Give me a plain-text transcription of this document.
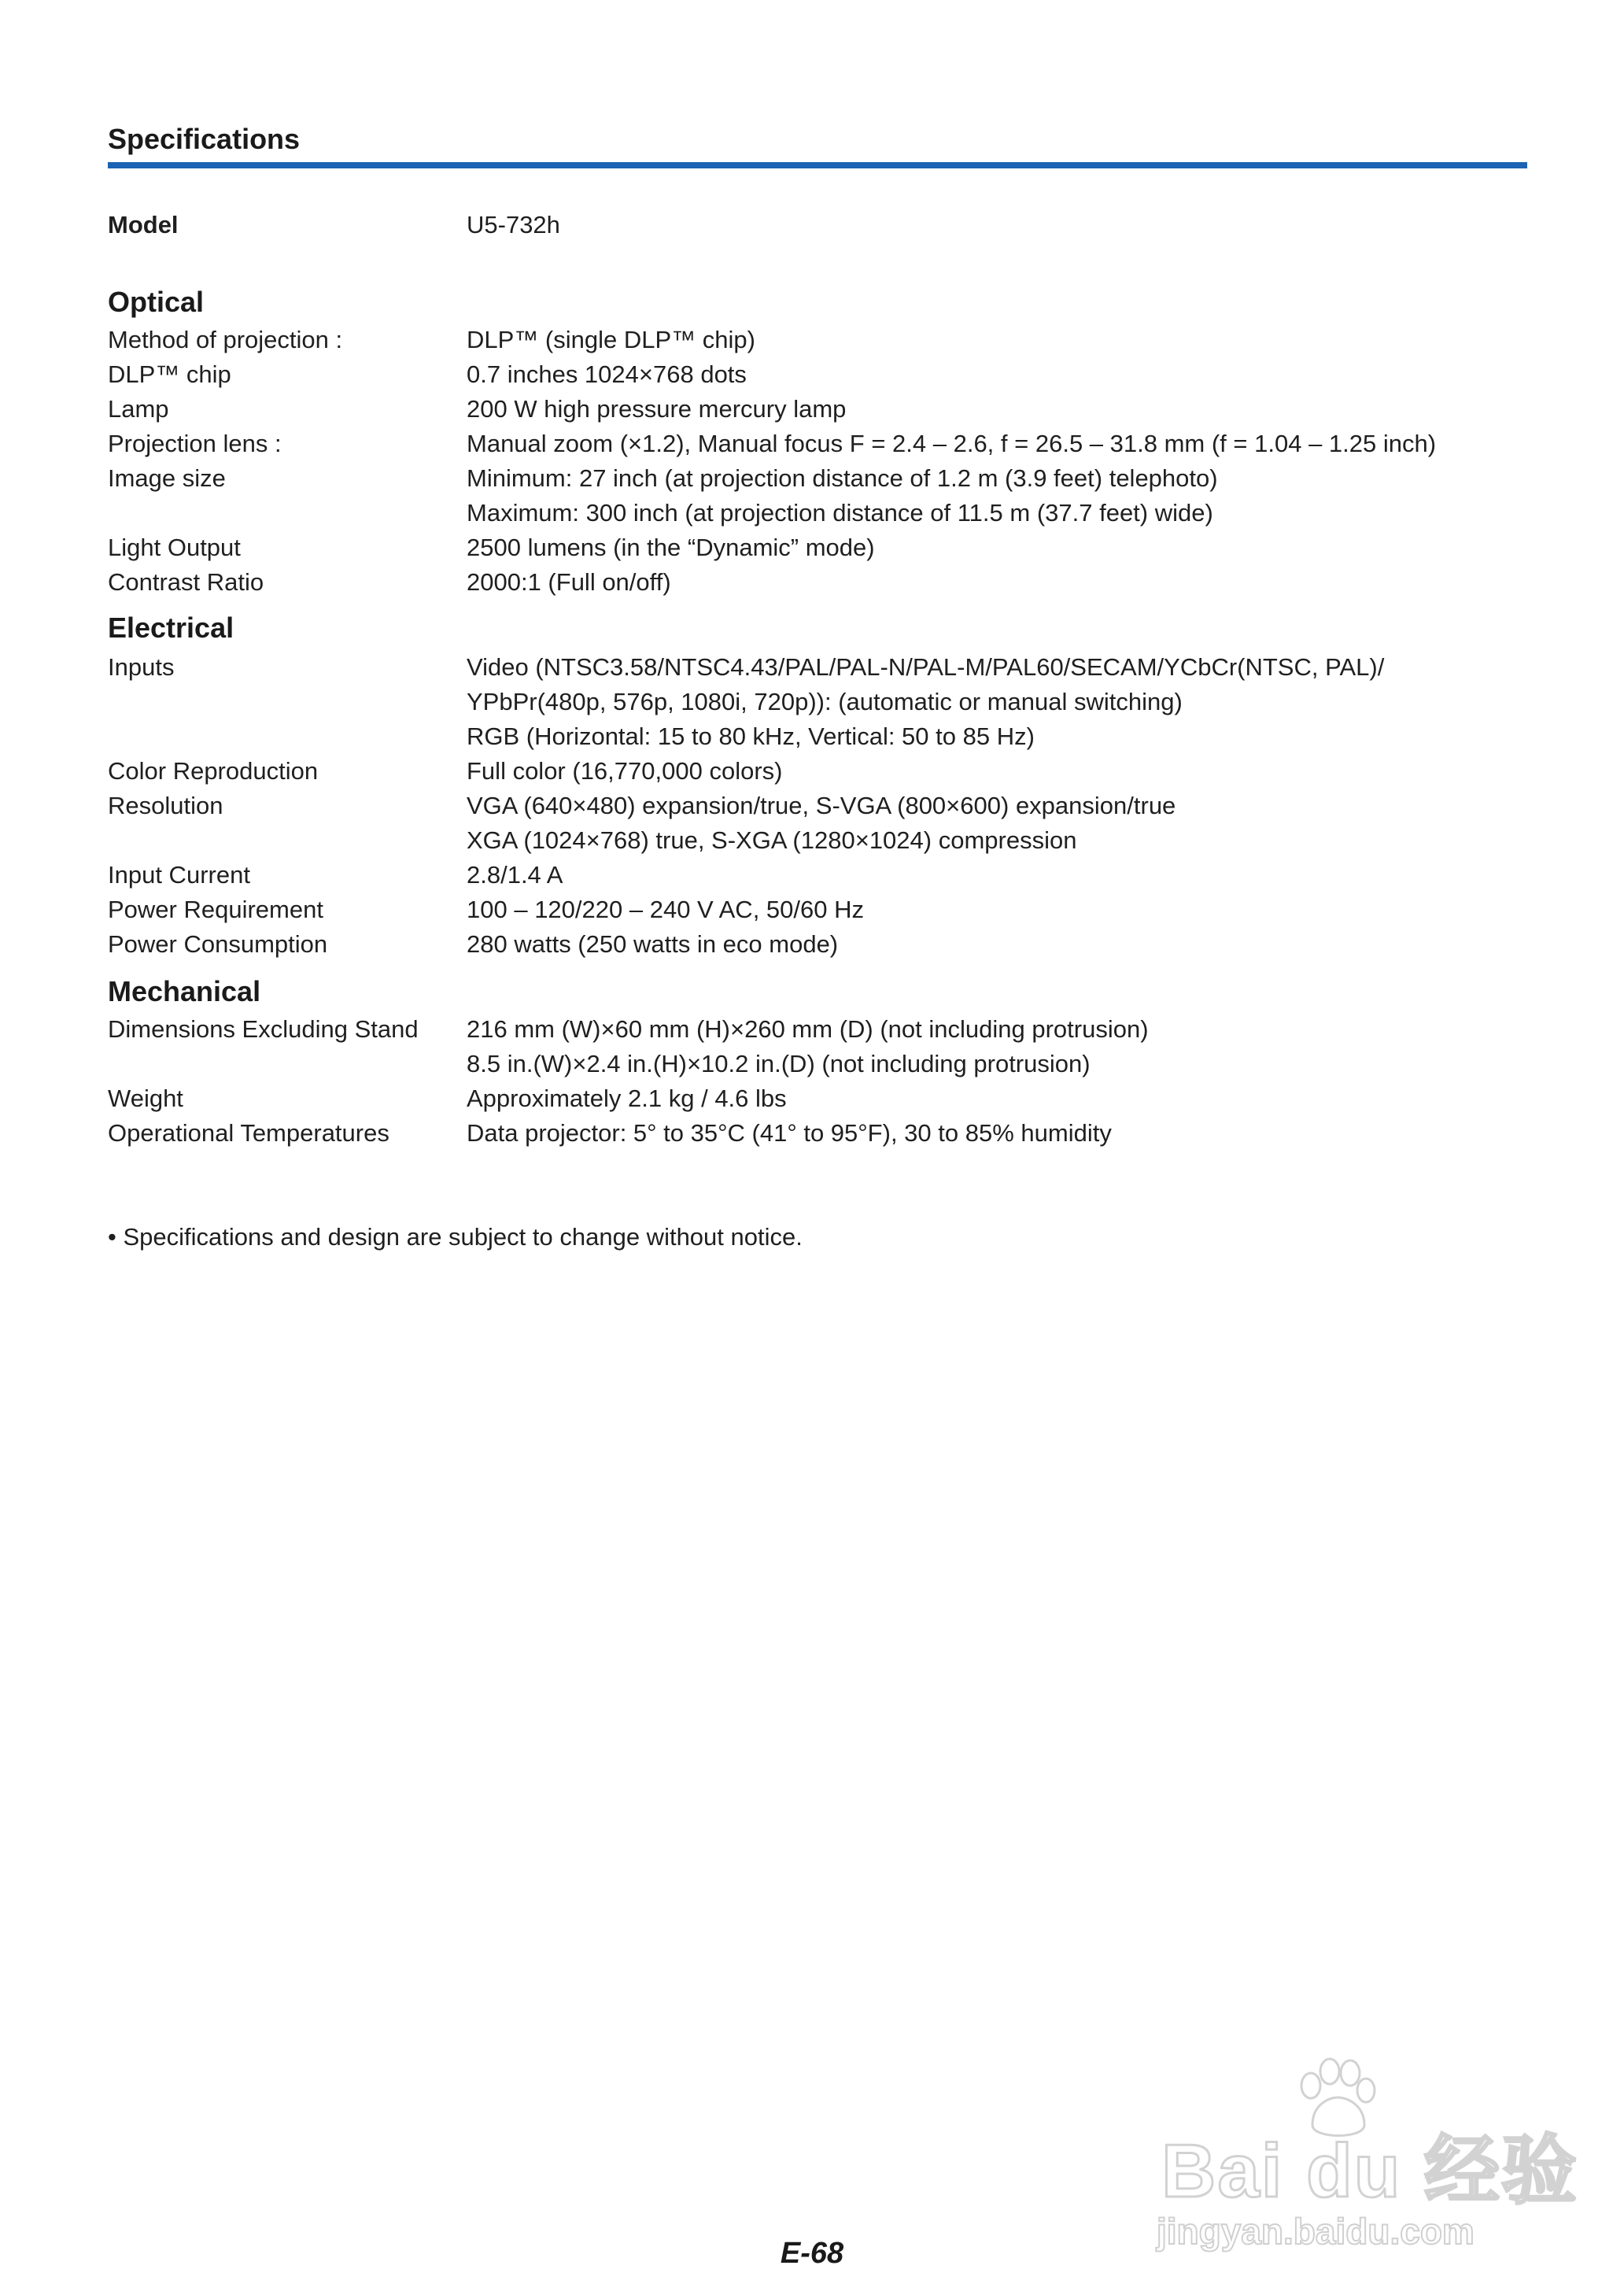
Specifications
Model	U5-732h
Optical
Method of projection :	DLP™ (single DLP™ chip)
DLP™ chip	0.7 inches 1024×768 dots
Lamp	200 W high pressure mercury lamp
Projection lens :	Manual zoom (×1.2), Manual focus F = 2.4 – 2.6, f = 26.5 – 31.8 mm (f = 1.04 – 1.25 inch)
Image size	Minimum: 27 inch (at projection distance of 1.2 m (3.9 feet) telephoto)
Maximum: 300 inch (at projection distance of 11.5 m (37.7 feet) wide)
Light Output	2500 lumens (in the “Dynamic” mode)
Contrast Ratio	2000:1 (Full on/off)
Electrical
Inputs	Video (NTSC3.58/NTSC4.43/PAL/PAL-N/PAL-M/PAL60/SECAM/YCbCr(NTSC, PAL)/
YPbPr(480p, 576p, 1080i, 720p)): (automatic or manual switching)
RGB (Horizontal: 15 to 80 kHz, Vertical: 50 to 85 Hz)
Color Reproduction	Full color (16,770,000 colors)
Resolution	VGA (640×480) expansion/true, S-VGA (800×600) expansion/true
XGA (1024×768) true, S-XGA (1280×1024) compression
Input Current	2.8/1.4 A
Power Requirement	100 – 120/220 – 240 V AC, 50/60 Hz
Power Consumption	280 watts (250 watts in eco mode)
Mechanical
Dimensions Excluding Stand 216 mm (W)×60 mm (H)×260 mm (D) (not including protrusion)
8.5 in.(W)×2.4 in.(H)×10.2 in.(D) (not including protrusion)
Weight	Approximately 2.1 kg / 4.6 lbs
Operational Temperatures	Data projector: 5° to 35°C (41° to 95°F), 30 to 85% humidity
• Specifications and design are subject to change without notice.
Bai du 经验
jingyan.baidu.com
E-68
